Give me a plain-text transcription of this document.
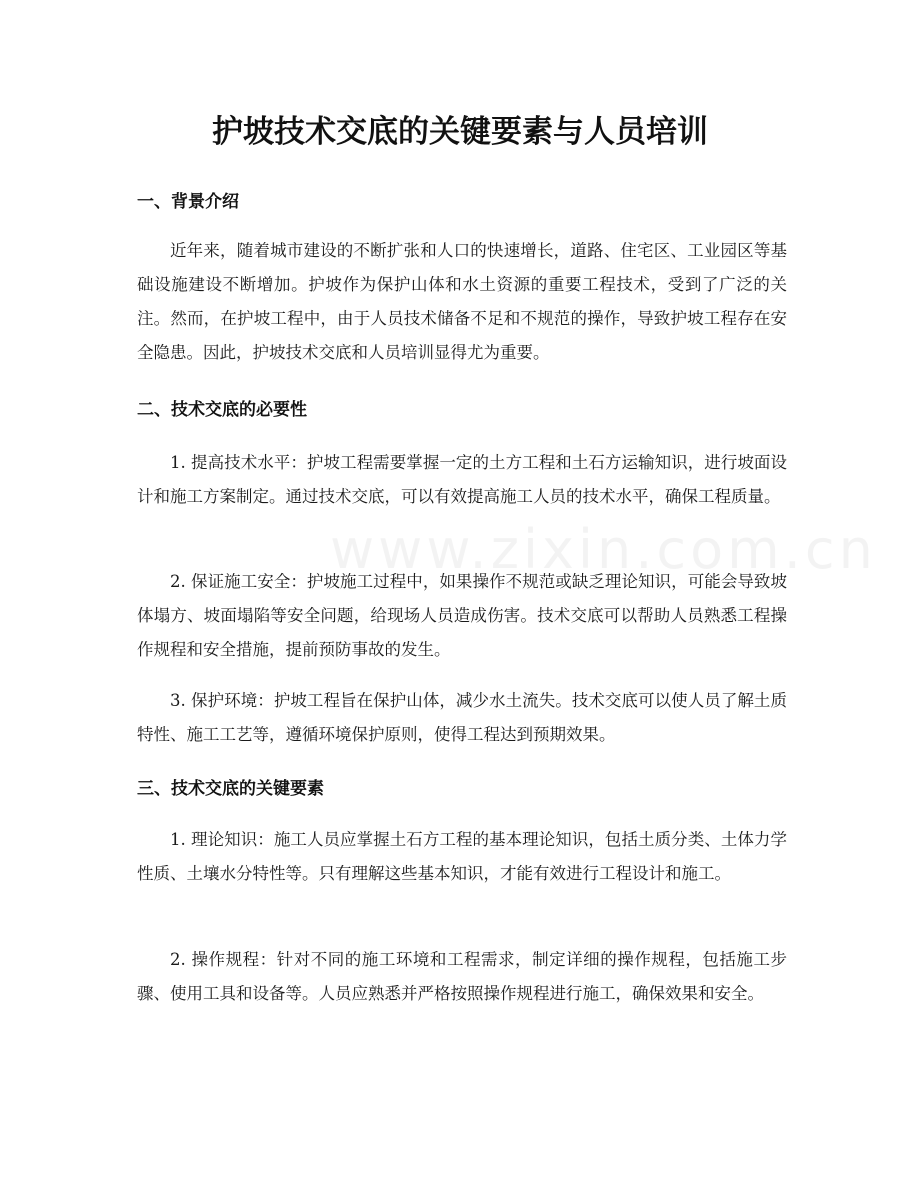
护坡技术交底的关键要素与人员培训
一、背景介绍

近年来，随着城市建设的不断扩张和人口的快速增长，道路、住宅区、工业园区等基础设施建设不断增加。护坡作为保护山体和水土资源的重要工程技术，受到了广泛的关注。然而，在护坡工程中，由于人员技术储备不足和不规范的操作，导致护坡工程存在安全隐患。因此，护坡技术交底和人员培训显得尤为重要。

二、技术交底的必要性

1. 提高技术水平：护坡工程需要掌握一定的土方工程和土石方运输知识，进行坡面设计和施工方案制定。通过技术交底，可以有效提高施工人员的技术水平，确保工程质量。

2. 保证施工安全：护坡施工过程中，如果操作不规范或缺乏理论知识，可能会导致坡体塌方、坡面塌陷等安全问题，给现场人员造成伤害。技术交底可以帮助人员熟悉工程操作规程和安全措施，提前预防事故的发生。

3. 保护环境：护坡工程旨在保护山体，减少水土流失。技术交底可以使人员了解土质特性、施工工艺等，遵循环境保护原则，使得工程达到预期效果。

三、技术交底的关键要素

1. 理论知识：施工人员应掌握土石方工程的基本理论知识，包括土质分类、土体力学性质、土壤水分特性等。只有理解这些基本知识，才能有效进行工程设计和施工。

2. 操作规程：针对不同的施工环境和工程需求，制定详细的操作规程，包括施工步骤、使用工具和设备等。人员应熟悉并严格按照操作规程进行施工，确保效果和安全。
